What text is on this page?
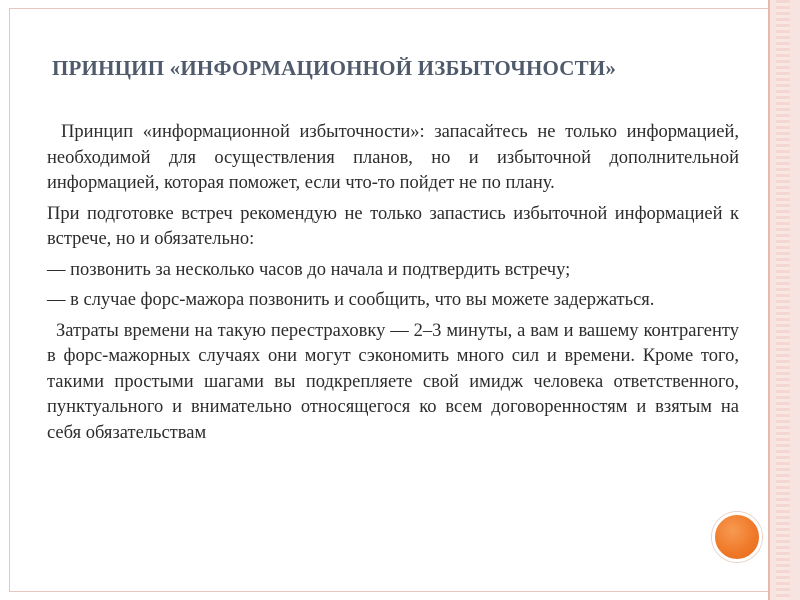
ПРИНЦИП «ИНФОРМАЦИОННОЙ ИЗБЫТОЧНОСТИ»

Принцип «информационной избыточности»: запасайтесь не только информацией, необходимой для осуществления планов, но и избыточной дополнительной информацией, которая поможет, если что-то пойдет не по плану.

При подготовке встреч рекомендую не только запастись избыточной информацией к встрече, но и обязательно:

— позвонить за несколько часов до начала и подтвердить встречу;

— в случае форс-мажора позвонить и сообщить, что вы можете задержаться.

Затраты времени на такую перестраховку — 2–3 минуты, а вам и вашему контрагенту в форс-мажорных случаях они могут сэкономить много сил и времени. Кроме того, такими простыми шагами вы подкрепляете свой имидж человека ответственного, пунктуального и внимательно относящегося ко всем договоренностям и взятым на себя обязательствам
